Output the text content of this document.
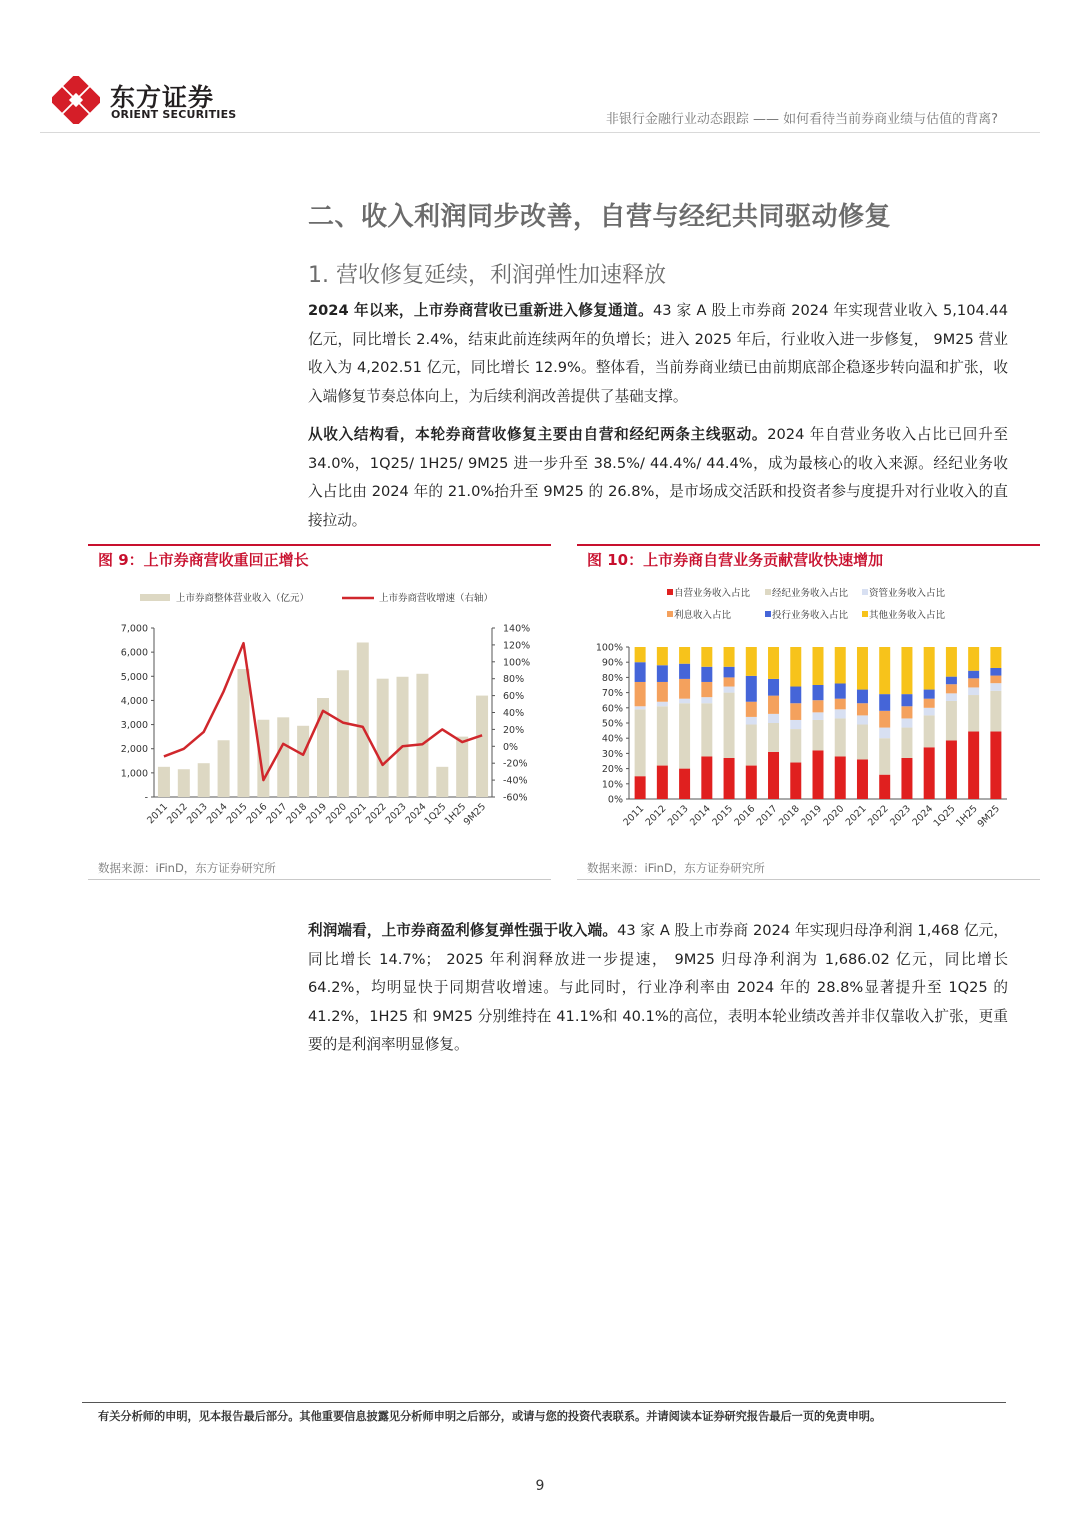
东方证券
ORIENT SECURITIES	非银行金融行业动态跟踪 —— 如何看待当前券商业绩与估值的背离?
二、收入利润同步改善，自营与经纪共同驱动修复
1. 营收修复延续，利润弹性加速释放
2024 年以来，上市券商营收已重新进入修复通道。43 家 A 股上市券商 2024 年实现营业收入 5,104.44 亿元，同比增长 2.4%，结束此前连续两年的负增长；进入 2025 年后，行业收入进一步修复， 9M25 营业收入为 4,202.51 亿元，同比增长 12.9%。整体看，当前券商业绩已由前期底部企稳逐步转向温和扩张，收入端修复节奏总体向上，为后续利润改善提供了基础支撑。
从收入结构看，本轮券商营收修复主要由自营和经纪两条主线驱动。2024 年自营业务收入占比已回升至 34.0%，1Q25/ 1H25/ 9M25 进一步升至 38.5%/ 44.4%/ 44.4%，成为最核心的收入来源。经纪业务收入占比由 2024 年的 21.0%抬升至 9M25 的 26.8%，是市场成交活跃和投资者参与度提升对行业收入的直接拉动。
图 9：上市券商营收重回正增长
上市券商整体营业收入（亿元）	上市券商营收增速（右轴）
-
1,000
2,000
3,000
4,000
5,000
6,000
7,000
-60%
-40%
-20%
0%
20%
40%
60%
80%
100%
120%
140%
2011
2012
2013
2014
2015
2016
2017
2018
2019
2020
2021
2022
2023
2024
1Q25
1H25
9M25
数据来源：iFinD，东方证券研究所
图 10：上市券商自营业务贡献营收快速增加
自营业务收入占比 经纪业务收入占比 资管业务收入占比
利息收入占比	投行业务收入占比 其他业务收入占比
0%
10%
20%
30%
40%
50%
60%
70%
80%
90%
100%
2011
2012
2013
2014
2015
2016
2017
2018
2019
2020
2021
2022
2023
2024
1Q25
1H25
9M25
数据来源：iFinD，东方证券研究所
利润端看，上市券商盈利修复弹性强于收入端。43 家 A 股上市券商 2024 年实现归母净利润 1,468 亿元，同比增长 14.7%； 2025 年利润释放进一步提速， 9M25 归母净利润为 1,686.02 亿元，同比增长 64.2%，均明显快于同期营收增速。与此同时，行业净利率由 2024 年的 28.8%显著提升至 1Q25 的 41.2%，1H25 和 9M25 分别维持在 41.1%和 40.1%的高位，表明本轮业绩改善并非仅靠收入扩张，更重要的是利润率明显修复。
有关分析师的申明，见本报告最后部分。其他重要信息披露见分析师申明之后部分，或请与您的投资代表联系。并请阅读本证券研究报告最后一页的免责申明。
9
